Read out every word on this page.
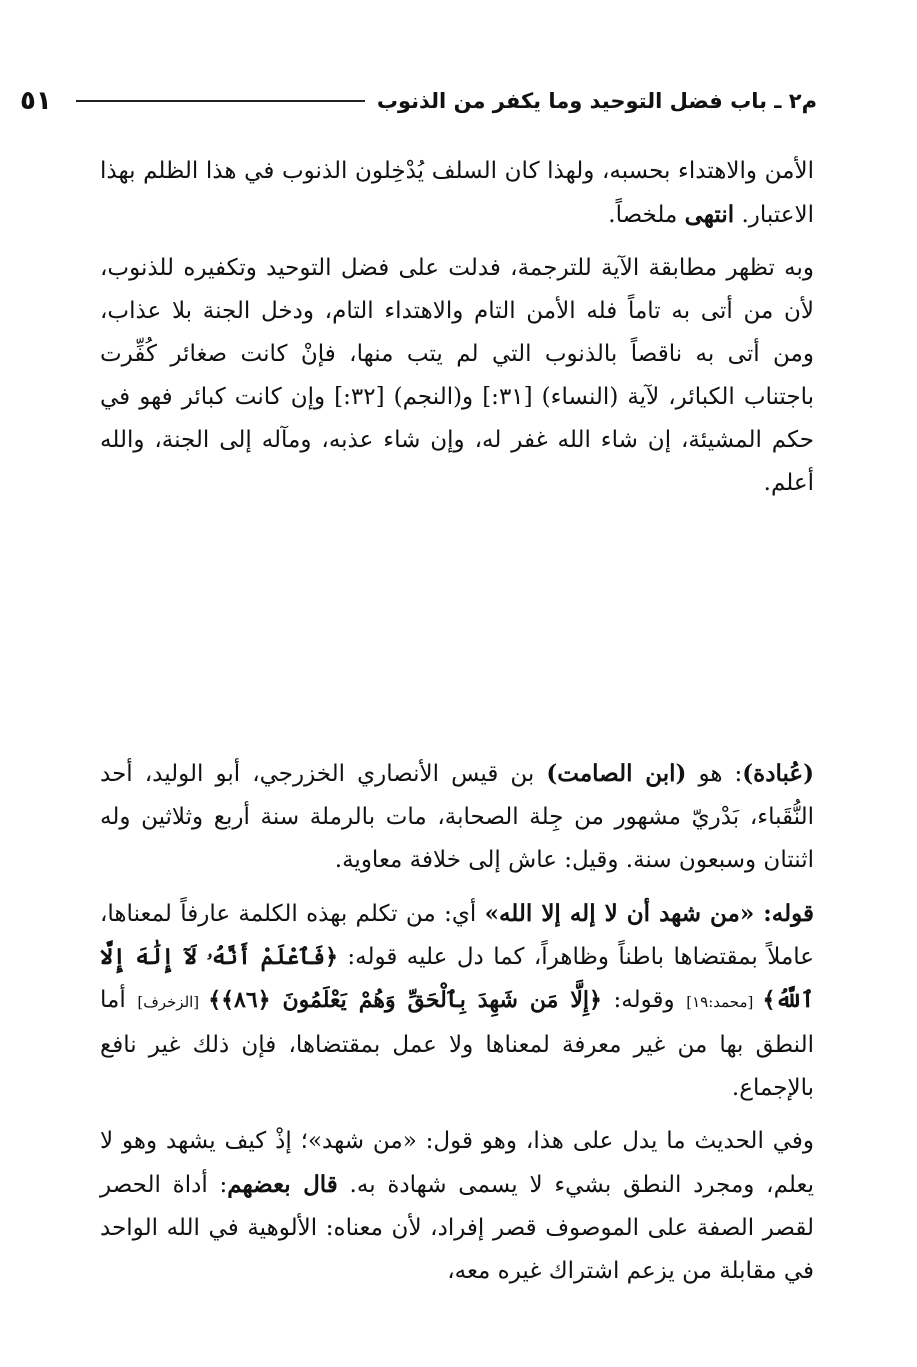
٥١	م٢ ـ باب فضل التوحيد وما يكفر من الذنوب

الأمن والاهتداء بحسبه، ولهذا كان السلف يُدْخِلون الذنوب في هذا الظلم بهذا الاعتبار. انتهى ملخصاً.

وبه تظهر مطابقة الآية للترجمة، فدلت على فضل التوحيد وتكفيره للذنوب، لأن من أتى به تاماً فله الأمن التام والاهتداء التام، ودخل الجنة بلا عذاب، ومن أتى به ناقصاً بالذنوب التي لم يتب منها، فإنْ كانت صغائر كُفِّرت باجتناب الكبائر، لآية (النساء) [٣١:] و(النجم) [٣٢:] وإن كانت كبائر فهو في حكم المشيئة، إن شاء الله غفر له، وإن شاء عذبه، ومآله إلى الجنة، والله أعلم.

(عُبادة): هو (ابن الصامت) بن قيس الأنصاري الخزرجي، أبو الوليد، أحد النُّقَباء، بَدْريّ مشهور من جِلة الصحابة، مات بالرملة سنة أربع وثلاثين وله اثنتان وسبعون سنة. وقيل: عاش إلى خلافة معاوية.

قوله: «من شهد أن لا إله إلا الله» أي: من تكلم بهذه الكلمة عارفاً لمعناها، عاملاً بمقتضاها باطناً وظاهراً، كما دل عليه قوله: ﴿فَٱعْلَمْ أَنَّهُۥ لَآ إِلَٰهَ إِلَّا ٱللَّهُ﴾ [محمد:١٩] وقوله: ﴿إِلَّا مَن شَهِدَ بِٱلْحَقِّ وَهُمْ يَعْلَمُونَ ﴿٨٦﴾﴾ [الزخرف] أما النطق بها من غير معرفة لمعناها ولا عمل بمقتضاها، فإن ذلك غير نافع بالإجماع.

وفي الحديث ما يدل على هذا، وهو قول: «من شهد»؛ إذْ كيف يشهد وهو لا يعلم، ومجرد النطق بشيء لا يسمى شهادة به. قال بعضهم: أداة الحصر لقصر الصفة على الموصوف قصر إفراد، لأن معناه: الألوهية في الله الواحد في مقابلة من يزعم اشتراك غيره معه،
